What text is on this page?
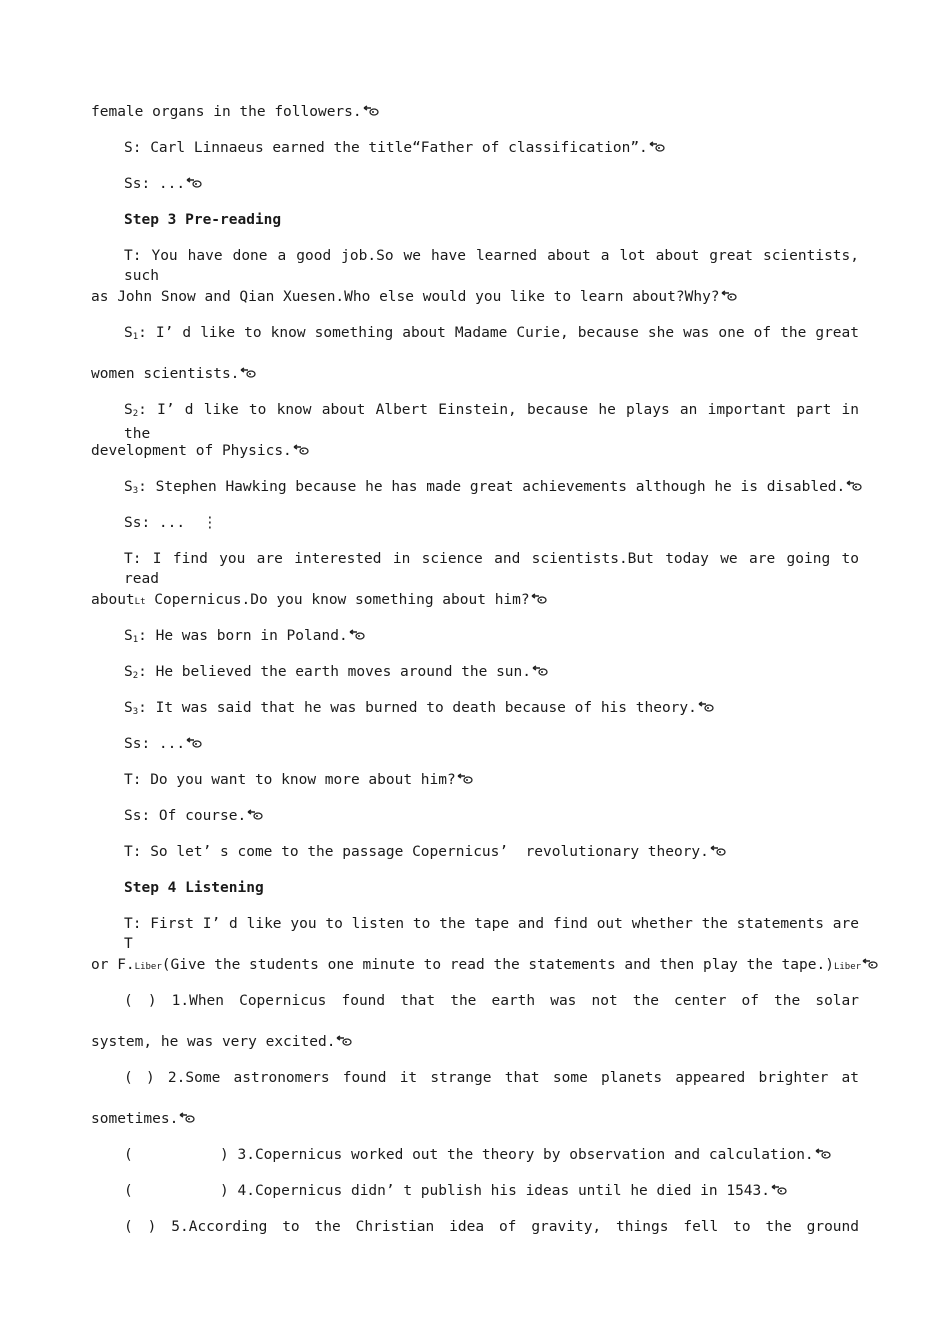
female organs in the followers.
S: Carl Linnaeus earned the title“Father of classification”.
Ss: ...
Step 3 Pre-reading
T: You have done a good job.So we have learned about a lot about great scientists, such
as John Snow and Qian Xuesen.Who else would you like to learn about?Why?
$S_1$: I’ d like to know something about Madame Curie, because she was one of the great
women scientists.
$S_2$: I’ d like to know about Albert Einstein, because he plays an important part in the
development of Physics.
$S_3$: Stephen Hawking because he has made great achievements although he is disabled.
Ss: ...  ⋮
T: I find you are interested in science and scientists.But today we are going to read
aboutLt Copernicus.Do you know something about him?
$S_1$: He was born in Poland.
$S_2$: He believed the earth moves around the sun.
$S_3$: It was said that he was burned to death because of his theory.
Ss: ...
T: Do you want to know more about him?
Ss: Of course.
T: So let’ s come to the passage Copernicus’  revolutionary theory.
Step 4 Listening
T: First I’ d like you to listen to the tape and find out whether the statements are T
or F.Liber(Give the students one minute to read the statements and then play the tape.)Liber
( ) 1.When Copernicus found that the earth was not the center of the solar
system, he was very excited.
( ) 2.Some astronomers found it strange that some planets appeared brighter at
sometimes.
(          ) 3.Copernicus worked out the theory by observation and calculation.
(          ) 4.Copernicus didn’ t publish his ideas until he died in 1543.
( ) 5.According to the Christian idea of gravity, things fell to the ground
